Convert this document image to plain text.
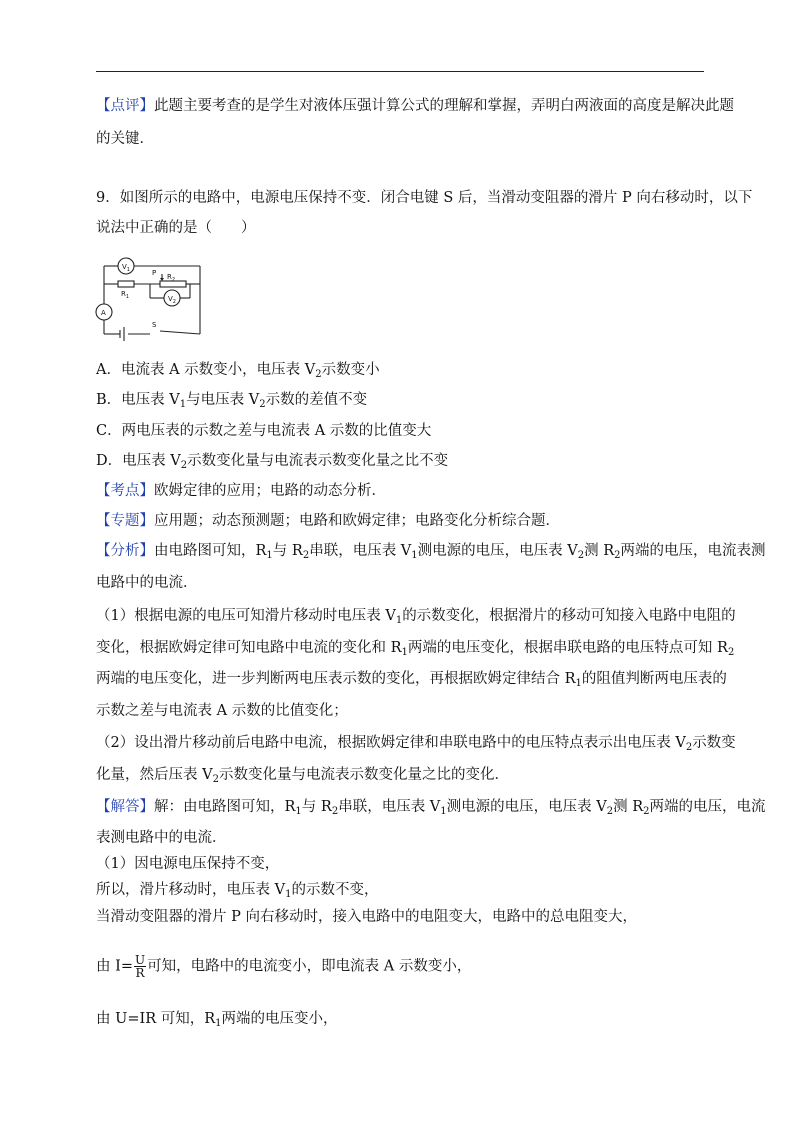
【点评】此题主要考查的是学生对液体压强计算公式的理解和掌握，弄明白两液面的高度是解决此题
的关键．
9．如图所示的电路中，电源电压保持不变．闭合电键 S 后，当滑动变阻器的滑片 P 向右移动时，以下
说法中正确的是（　　）
$V_1$
$V_2$
$R_1$
$R_2$
P
A
S
A．电流表 A 示数变小，电压表 $V_2$示数变小
B．电压表 $V_1$与电压表 $V_2$示数的差值不变
C．两电压表的示数之差与电流表 A 示数的比值变大
D．电压表 $V_2$示数变化量与电流表示数变化量之比不变
【考点】欧姆定律的应用；电路的动态分析．
【专题】应用题；动态预测题；电路和欧姆定律；电路变化分析综合题．
【分析】由电路图可知，$R_1$与 $R_2$串联，电压表 $V_1$测电源的电压，电压表 $V_2$测 $R_2$两端的电压，电流表测
电路中的电流．
（1）根据电源的电压可知滑片移动时电压表 $V_1$的示数变化，根据滑片的移动可知接入电路中电阻的
变化，根据欧姆定律可知电路中电流的变化和 $R_1$两端的电压变化，根据串联电路的电压特点可知 $R_2$
两端的电压变化，进一步判断两电压表示数的变化，再根据欧姆定律结合 $R_1$的阻值判断两电压表的
示数之差与电流表 A 示数的比值变化；
（2）设出滑片移动前后电路中电流，根据欧姆定律和串联电路中的电压特点表示出电压表 $V_2$示数变
化量，然后压表 $V_2$示数变化量与电流表示数变化量之比的变化．
【解答】解：由电路图可知，$R_1$与 $R_2$串联，电压表 $V_1$测电源的电压，电压表 $V_2$测 $R_2$两端的电压，电流
表测电路中的电流．
（1）因电源电压保持不变，
所以，滑片移动时，电压表 $V_1$的示数不变，
当滑动变阻器的滑片 P 向右移动时，接入电路中的电阻变大，电路中的总电阻变大，
由 $I= \frac{U}{R}$ 可知，电路中的电流变小，即电流表 A 示数变小，
由 U=IR 可知，$R_1$两端的电压变小，
